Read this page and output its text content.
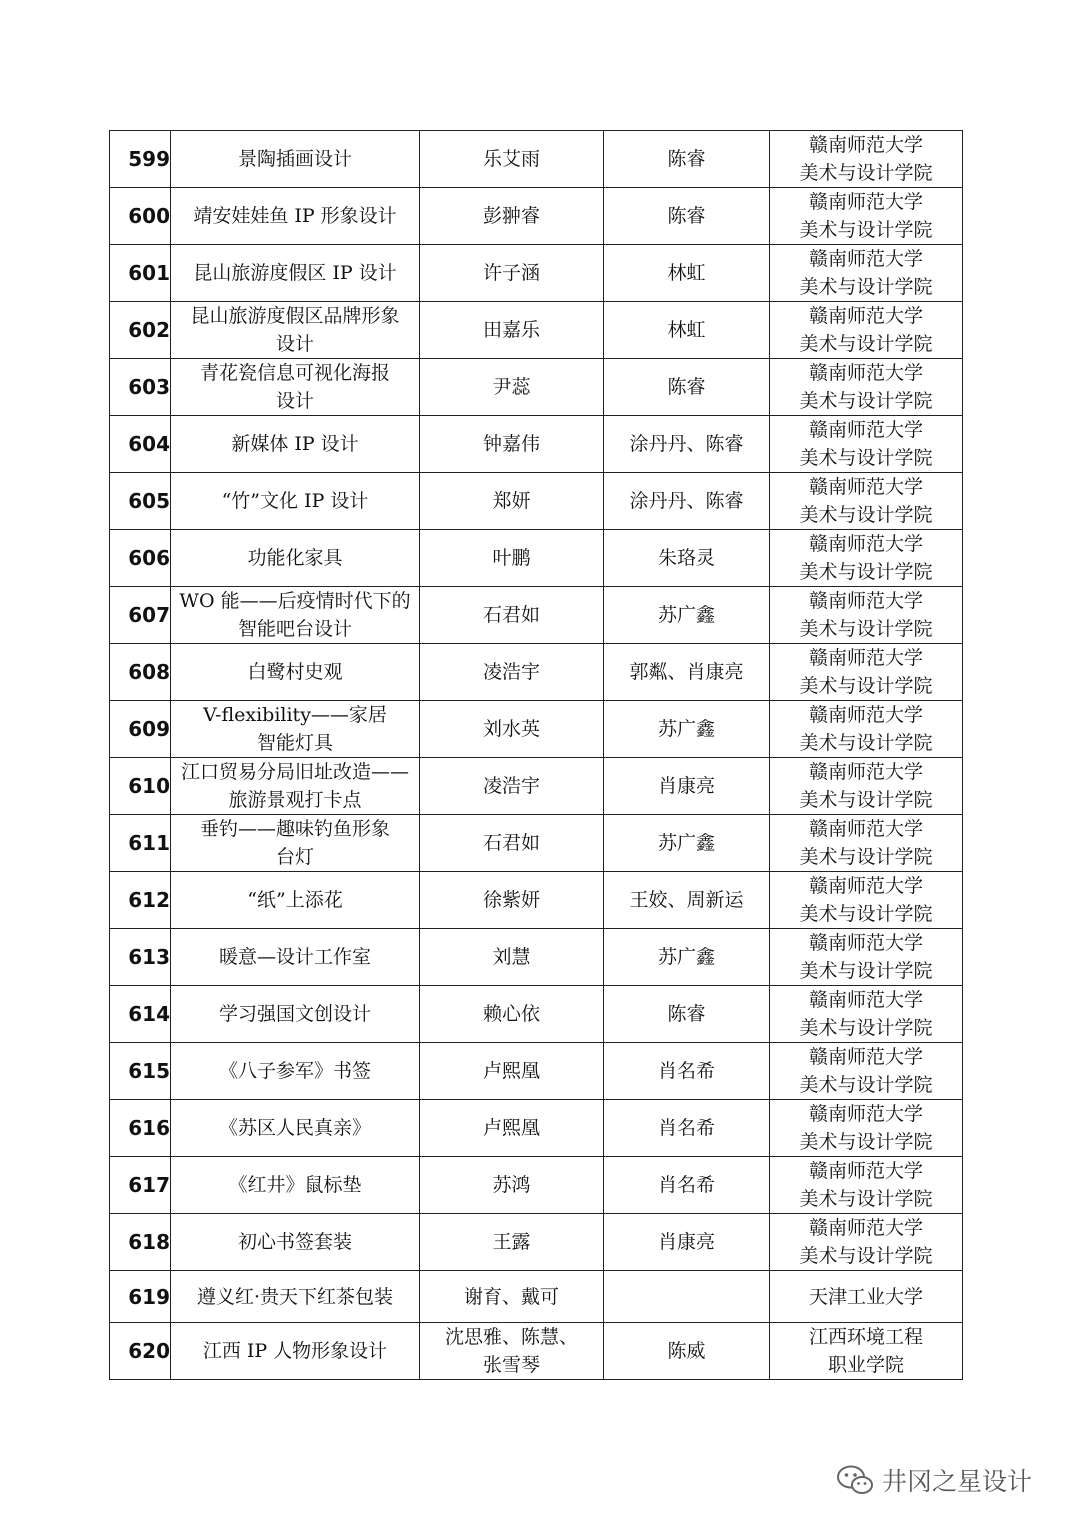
599	景陶插画设计	乐艾雨	陈睿	赣南师范大学
美术与设计学院

600	靖安娃娃鱼 IP 形象设计	彭翀睿	陈睿	赣南师范大学
美术与设计学院

601	昆山旅游度假区 IP 设计	许子涵	林虹	赣南师范大学
美术与设计学院

602	昆山旅游度假区品牌形象
设计	田嘉乐	林虹	赣南师范大学
美术与设计学院

603	青花瓷信息可视化海报
设计	尹蕊	陈睿	赣南师范大学
美术与设计学院

604	新媒体 IP 设计	钟嘉伟	涂丹丹、陈睿	赣南师范大学
美术与设计学院

605	“竹”文化 IP 设计	郑妍	涂丹丹、陈睿	赣南师范大学
美术与设计学院

606	功能化家具	叶鹏	朱珞灵	赣南师范大学
美术与设计学院

607	WO 能——后疫情时代下的
智能吧台设计	石君如	苏广鑫	赣南师范大学
美术与设计学院

608	白鹭村史观	凌浩宇	郭粼、肖康亮	赣南师范大学
美术与设计学院

609	V-flexibility——家居
智能灯具	刘水英	苏广鑫	赣南师范大学
美术与设计学院

610	江口贸易分局旧址改造——
旅游景观打卡点	凌浩宇	肖康亮	赣南师范大学
美术与设计学院

611	垂钓——趣味钓鱼形象
台灯	石君如	苏广鑫	赣南师范大学
美术与设计学院

612	“纸”上添花	徐紫妍	王姣、周新运	赣南师范大学
美术与设计学院

613	暖意—设计工作室	刘慧	苏广鑫	赣南师范大学
美术与设计学院

614	学习强国文创设计	赖心依	陈睿	赣南师范大学
美术与设计学院

615	《八子参军》书签	卢熙凰	肖名希	赣南师范大学
美术与设计学院

616	《苏区人民真亲》	卢熙凰	肖名希	赣南师范大学
美术与设计学院

617	《红井》鼠标垫	苏鸿	肖名希	赣南师范大学
美术与设计学院

618	初心书签套装	王露	肖康亮	赣南师范大学
美术与设计学院

619	遵义红·贵天下红茶包装	谢育、戴可		天津工业大学

620	江西 IP 人物形象设计	沈思雅、陈慧、
张雪琴	陈威	江西环境工程
职业学院
井冈之星设计
